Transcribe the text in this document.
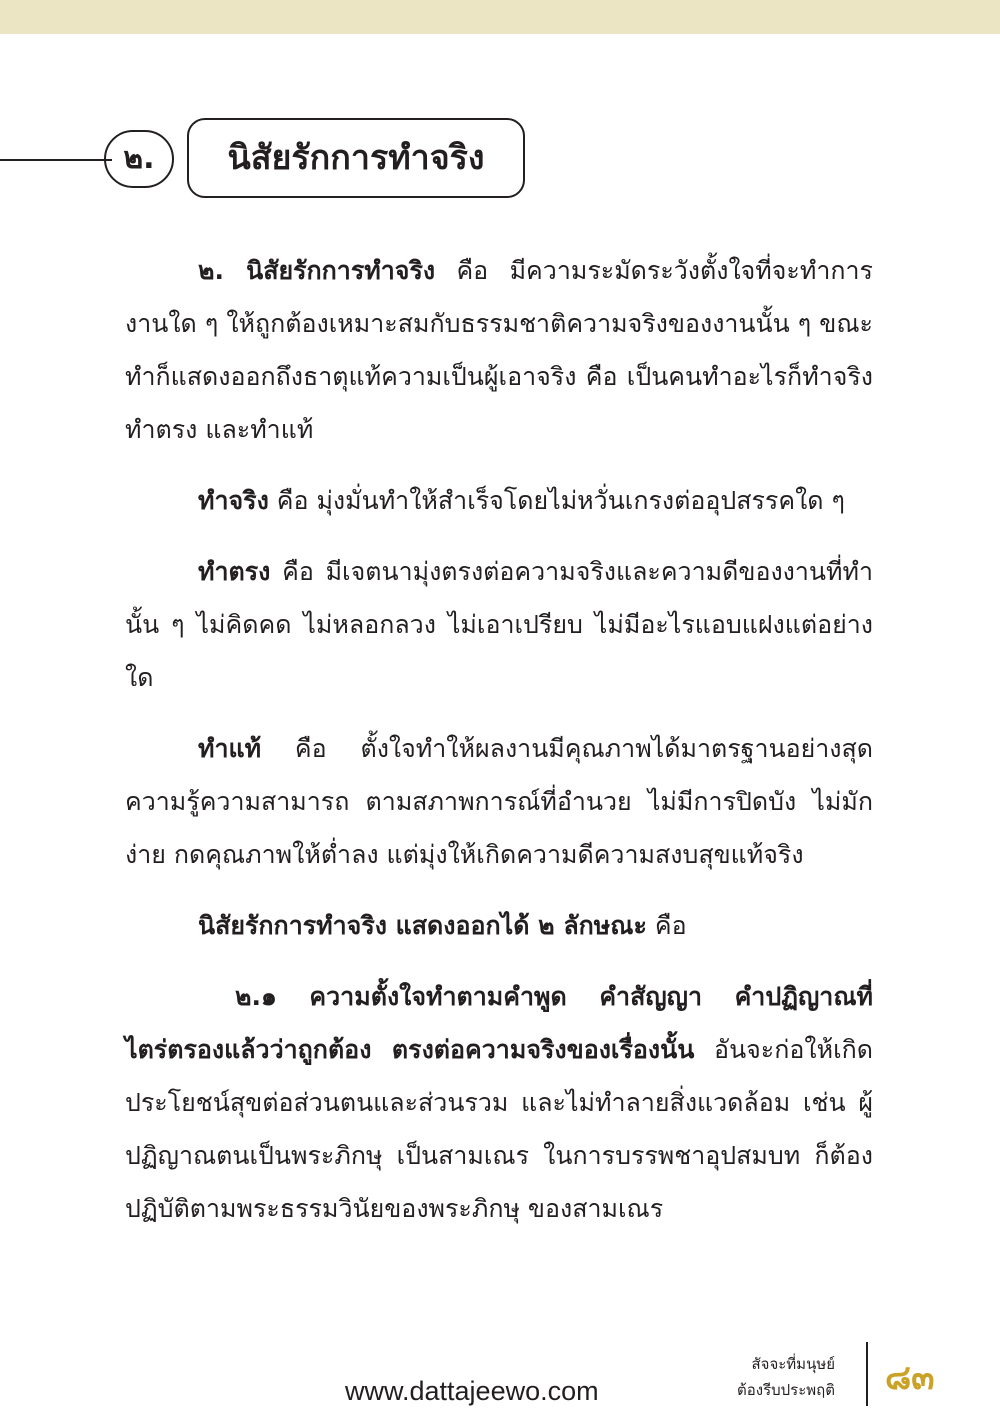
๒.	นิสัยรักการทำจริง

๒. นิสัยรักการทำจริง คือ มีความระมัดระวังตั้งใจที่จะทำการงานใด ๆ ให้ถูกต้องเหมาะสมกับธรรมชาติความจริงของงานนั้น ๆ ขณะทำก็แสดงออกถึงธาตุแท้ความเป็นผู้เอาจริง คือ เป็นคนทำอะไรก็ทำจริง ทำตรง และทำแท้

ทำจริง คือ มุ่งมั่นทำให้สำเร็จโดยไม่หวั่นเกรงต่ออุปสรรคใด ๆ

ทำตรง คือ มีเจตนามุ่งตรงต่อความจริงและความดีของงานที่ทำนั้น ๆ ไม่คิดคด ไม่หลอกลวง ไม่เอาเปรียบ ไม่มีอะไรแอบแฝงแต่อย่างใด

ทำแท้ คือ ตั้งใจทำให้ผลงานมีคุณภาพได้มาตรฐานอย่างสุดความรู้ความสามารถ ตามสภาพการณ์ที่อำนวย ไม่มีการปิดบัง ไม่มักง่าย กดคุณภาพให้ต่ำลง แต่มุ่งให้เกิดความดีความสงบสุขแท้จริง

นิสัยรักการทำจริง แสดงออกได้ ๒ ลักษณะ คือ

๒.๑ ความตั้งใจทำตามคำพูด คำสัญญา คำปฏิญาณที่ไตร่ตรองแล้วว่าถูกต้อง ตรงต่อความจริงของเรื่องนั้น อันจะก่อให้เกิดประโยชน์สุขต่อส่วนตนและส่วนรวม และไม่ทำลายสิ่งแวดล้อม เช่น ผู้ปฏิญาณตนเป็นพระภิกษุ เป็นสามเณร ในการบรรพชาอุปสมบท ก็ต้องปฏิบัติตามพระธรรมวินัยของพระภิกษุ ของสามเณร

www.dattajeewo.com
สัจจะที่มนุษย์
ต้องรีบประพฤติ ๘๓
